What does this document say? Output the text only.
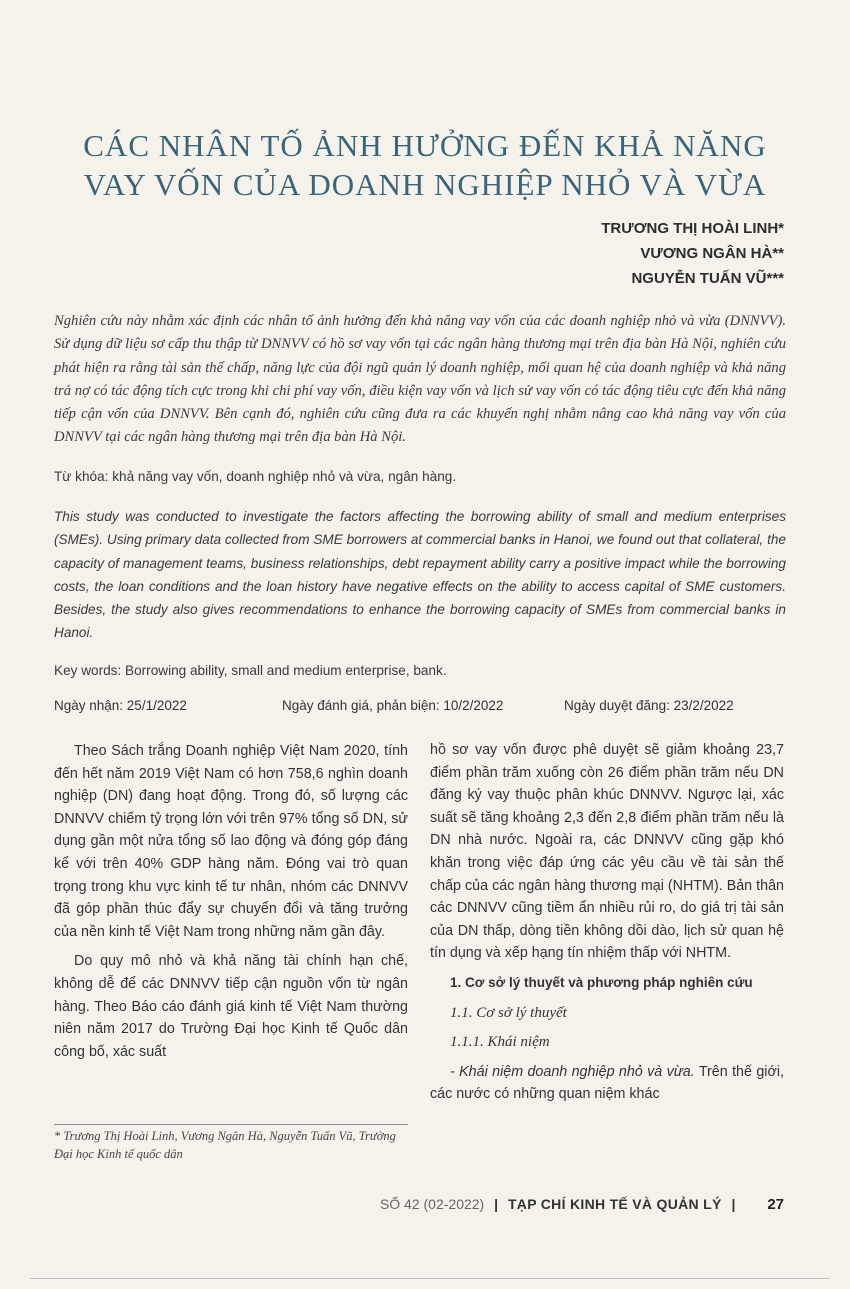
CÁC NHÂN TỐ ẢNH HƯỞNG ĐẾN KHẢ NĂNG
VAY VỐN CỦA DOANH NGHIỆP NHỎ VÀ VỪA
TRƯƠNG THỊ HOÀI LINH*
VƯƠNG NGÂN HÀ**
NGUYỄN TUẤN VŨ***

Nghiên cứu này nhằm xác định các nhân tố ảnh hưởng đến khả năng vay vốn của các doanh nghiệp nhỏ và vừa (DNNVV). Sử dụng dữ liệu sơ cấp thu thập từ DNNVV có hồ sơ vay vốn tại các ngân hàng thương mại trên địa bàn Hà Nội, nghiên cứu phát hiện ra rằng tài sản thế chấp, năng lực của đội ngũ quản lý doanh nghiệp, mối quan hệ của doanh nghiệp và khả năng trả nợ có tác động tích cực trong khi chi phí vay vốn, điều kiện vay vốn và lịch sử vay vốn có tác động tiêu cực đến khả năng tiếp cận vốn của DNNVV. Bên cạnh đó, nghiên cứu cũng đưa ra các khuyến nghị nhằm nâng cao khả năng vay vốn của DNNVV tại các ngân hàng thương mại trên địa bàn Hà Nội.

Từ khóa: khả năng vay vốn, doanh nghiệp nhỏ và vừa, ngân hàng.

This study was conducted to investigate the factors affecting the borrowing ability of small and medium enterprises (SMEs). Using primary data collected from SME borrowers at commercial banks in Hanoi, we found out that collateral, the capacity of management teams, business relationships, debt repayment ability carry a positive impact while the borrowing costs, the loan conditions and the loan history have negative effects on the ability to access capital of SME customers. Besides, the study also gives recommendations to enhance the borrowing capacity of SMEs from commercial banks in Hanoi.

Key words: Borrowing ability, small and medium enterprise, bank.
Ngày nhận: 25/1/2022	Ngày đánh giá, phản biện: 10/2/2022	Ngày duyệt đăng: 23/2/2022

Theo Sách trắng Doanh nghiệp Việt Nam 2020, tính đến hết năm 2019 Việt Nam có hơn 758,6 nghìn doanh nghiệp (DN) đang hoạt động. Trong đó, số lượng các DNNVV chiếm tỷ trọng lớn với trên 97% tổng số DN, sử dụng gần một nửa tổng số lao động và đóng góp đáng kể với trên 40% GDP hàng năm. Đóng vai trò quan trọng trong khu vực kinh tế tư nhân, nhóm các DNNVV đã góp phần thúc đẩy sự chuyển đổi và tăng trưởng của nền kinh tế Việt Nam trong những năm gần đây.

Do quy mô nhỏ và khả năng tài chính hạn chế, không dễ để các DNNVV tiếp cận nguồn vốn từ ngân hàng. Theo Báo cáo đánh giá kinh tế Việt Nam thường niên năm 2017 do Trường Đại học Kinh tế Quốc dân công bố, xác suất

hồ sơ vay vốn được phê duyệt sẽ giảm khoảng 23,7 điểm phần trăm xuống còn 26 điểm phần trăm nếu DN đăng ký vay thuộc phân khúc DNNVV. Ngược lại, xác suất sẽ tăng khoảng 2,3 đến 2,8 điểm phần trăm nếu là DN nhà nước. Ngoài ra, các DNNVV cũng gặp khó khăn trong việc đáp ứng các yêu cầu về tài sản thế chấp của các ngân hàng thương mại (NHTM). Bản thân các DNNVV cũng tiềm ẩn nhiều rủi ro, do giá trị tài sản của DN thấp, dòng tiền không dồi dào, lịch sử quan hệ tín dụng và xếp hạng tín nhiệm thấp với NHTM.

1. Cơ sở lý thuyết và phương pháp nghiên cứu

1.1. Cơ sở lý thuyết

1.1.1. Khái niệm

- Khái niệm doanh nghiệp nhỏ và vừa. Trên thế giới, các nước có những quan niệm khác

* Trương Thị Hoài Linh, Vương Ngân Hà, Nguyễn Tuấn Vũ, Trường Đại học Kinh tế quốc dân
SỐ 42 (02-2022) | TẠP CHÍ KINH TẾ VÀ QUẢN LÝ | 27
